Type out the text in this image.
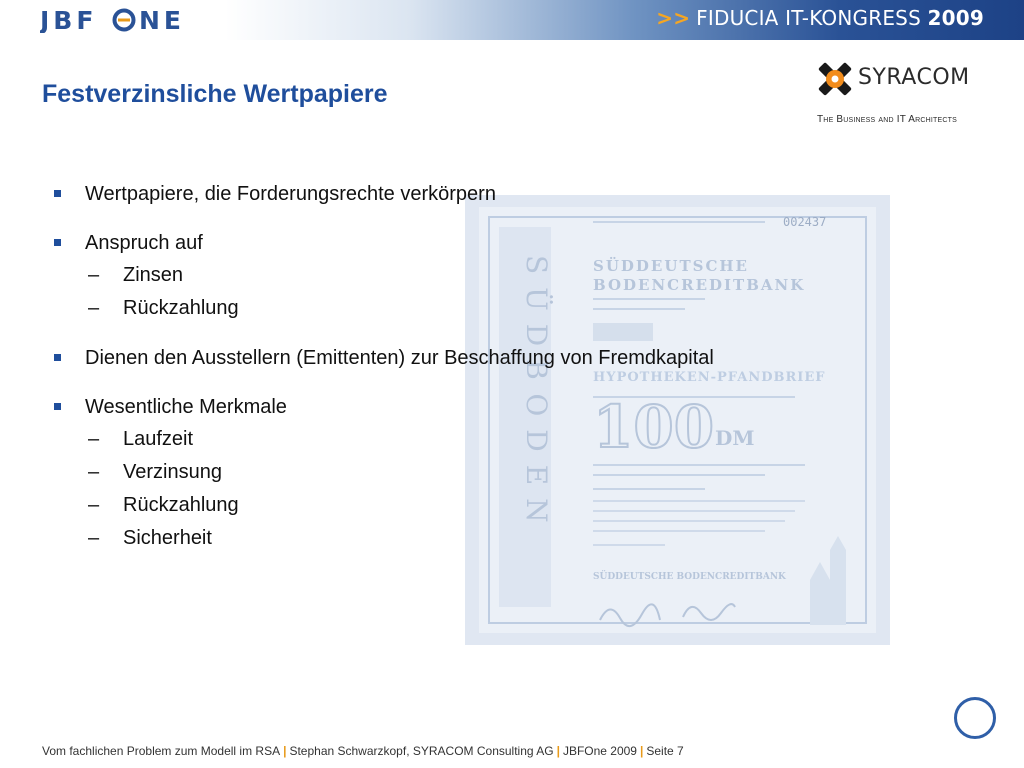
JBF NE	>> FIDUCIA IT-KONGRESS 2009
Festverzinsliche Wertpapiere
SYRACOM
The Business and IT Architects
SÜDBODEN
002437
SÜDDEUTSCHE
BODENCREDITBANK
HYPOTHEKEN-PFANDBRIEF
100 DM
SÜDDEUTSCHE BODENCREDITBANK
Wertpapiere, die Forderungsrechte verkörpern
Anspruch auf
– Zinsen
– Rückzahlung
Dienen den Ausstellern (Emittenten) zur Beschaffung von Fremdkapital
Wesentliche Merkmale
– Laufzeit
– Verzinsung
– Rückzahlung
– Sicherheit
Vom fachlichen Problem zum Modell im RSA | Stephan Schwarzkopf, SYRACOM Consulting AG | JBFOne 2009 | Seite 7
